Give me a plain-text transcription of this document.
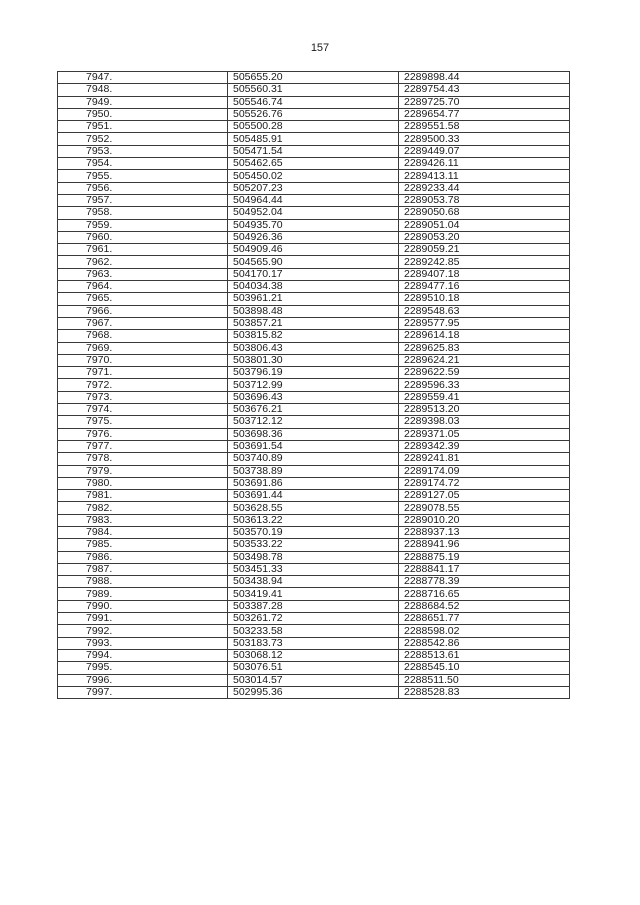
157
7947.	505655.20	2289898.44
7948.	505560.31	2289754.43
7949.	505546.74	2289725.70
7950.	505526.76	2289654.77
7951.	505500.28	2289551.58
7952.	505485.91	2289500.33
7953.	505471.54	2289449.07
7954.	505462.65	2289426.11
7955.	505450.02	2289413.11
7956.	505207.23	2289233.44
7957.	504964.44	2289053.78
7958.	504952.04	2289050.68
7959.	504935.70	2289051.04
7960.	504926.36	2289053.20
7961.	504909.46	2289059.21
7962.	504565.90	2289242.85
7963.	504170.17	2289407.18
7964.	504034.38	2289477.16
7965.	503961.21	2289510.18
7966.	503898.48	2289548.63
7967.	503857.21	2289577.95
7968.	503815.82	2289614.18
7969.	503806.43	2289625.83
7970.	503801.30	2289624.21
7971.	503796.19	2289622.59
7972.	503712.99	2289596.33
7973.	503696.43	2289559.41
7974.	503676.21	2289513.20
7975.	503712.12	2289398.03
7976.	503698.36	2289371.05
7977.	503691.54	2289342.39
7978.	503740.89	2289241.81
7979.	503738.89	2289174.09
7980.	503691.86	2289174.72
7981.	503691.44	2289127.05
7982.	503628.55	2289078.55
7983.	503613.22	2289010.20
7984.	503570.19	2288937.13
7985.	503533.22	2288941.96
7986.	503498.78	2288875.19
7987.	503451.33	2288841.17
7988.	503438.94	2288778.39
7989.	503419.41	2288716.65
7990.	503387.28	2288684.52
7991.	503261.72	2288651.77
7992.	503233.58	2288598.02
7993.	503183.73	2288542.86
7994.	503068.12	2288513.61
7995.	503076.51	2288545.10
7996.	503014.57	2288511.50
7997.	502995.36	2288528.83
